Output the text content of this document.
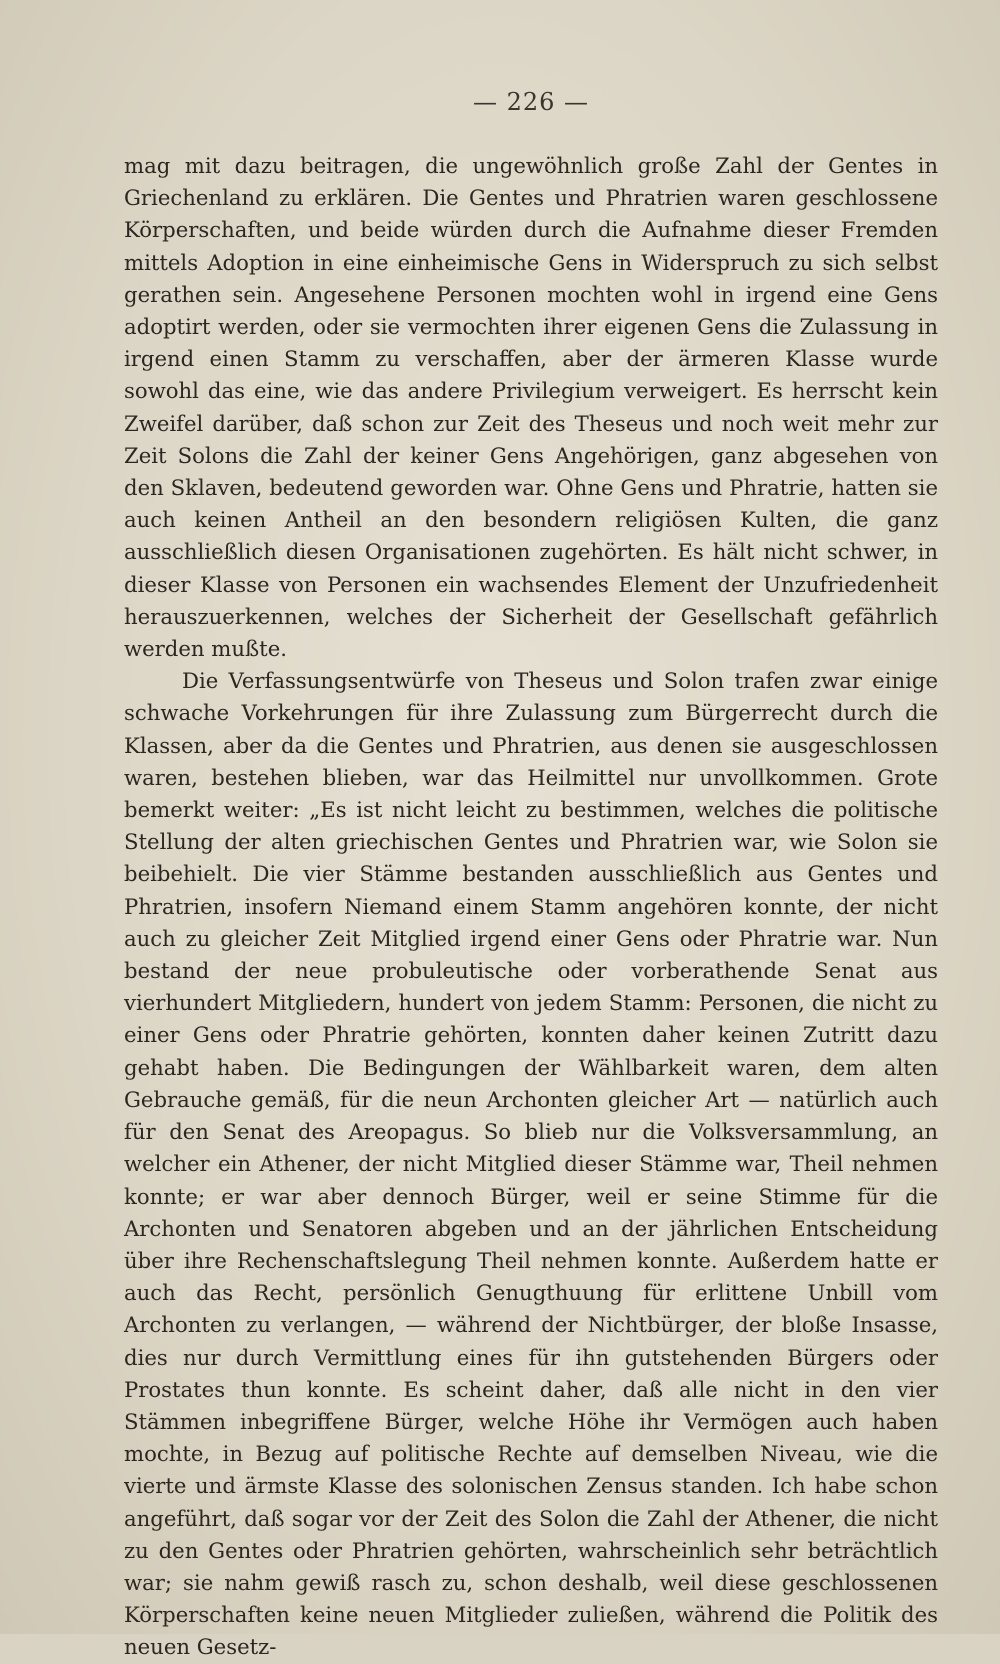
— 226 —

mag mit dazu beitragen, die ungewöhnlich große Zahl der Gentes in Griechenland zu erklären. Die Gentes und Phratrien waren geschlossene Körperschaften, und beide würden durch die Aufnahme dieser Fremden mittels Adoption in eine einheimische Gens in Widerspruch zu sich selbst gerathen sein. Angesehene Personen mochten wohl in irgend eine Gens adoptirt werden, oder sie vermochten ihrer eigenen Gens die Zulassung in irgend einen Stamm zu verschaffen, aber der ärmeren Klasse wurde sowohl das eine, wie das andere Privilegium verweigert. Es herrscht kein Zweifel darüber, daß schon zur Zeit des Theseus und noch weit mehr zur Zeit Solons die Zahl der keiner Gens Angehörigen, ganz abgesehen von den Sklaven, bedeutend geworden war. Ohne Gens und Phratrie, hatten sie auch keinen Antheil an den besondern religiösen Kulten, die ganz ausschließlich diesen Organisationen zugehörten. Es hält nicht schwer, in dieser Klasse von Personen ein wachsendes Element der Unzufriedenheit herauszuerkennen, welches der Sicherheit der Gesellschaft gefährlich werden mußte.

Die Verfassungsentwürfe von Theseus und Solon trafen zwar einige schwache Vorkehrungen für ihre Zulassung zum Bürgerrecht durch die Klassen, aber da die Gentes und Phratrien, aus denen sie ausgeschlossen waren, bestehen blieben, war das Heilmittel nur unvollkommen. Grote bemerkt weiter: „Es ist nicht leicht zu bestimmen, welches die politische Stellung der alten griechischen Gentes und Phratrien war, wie Solon sie beibehielt. Die vier Stämme bestanden ausschließlich aus Gentes und Phratrien, insofern Niemand einem Stamm angehören konnte, der nicht auch zu gleicher Zeit Mitglied irgend einer Gens oder Phratrie war. Nun bestand der neue probuleutische oder vorberathende Senat aus vierhundert Mitgliedern, hundert von jedem Stamm: Personen, die nicht zu einer Gens oder Phratrie gehörten, konnten daher keinen Zutritt dazu gehabt haben. Die Bedingungen der Wählbarkeit waren, dem alten Gebrauche gemäß, für die neun Archonten gleicher Art — natürlich auch für den Senat des Areopagus. So blieb nur die Volksversammlung, an welcher ein Athener, der nicht Mitglied dieser Stämme war, Theil nehmen konnte; er war aber dennoch Bürger, weil er seine Stimme für die Archonten und Senatoren abgeben und an der jährlichen Entscheidung über ihre Rechenschaftslegung Theil nehmen konnte. Außerdem hatte er auch das Recht, persönlich Genugthuung für erlittene Unbill vom Archonten zu verlangen, — während der Nichtbürger, der bloße Insasse, dies nur durch Vermittlung eines für ihn gutstehenden Bürgers oder Prostates thun konnte. Es scheint daher, daß alle nicht in den vier Stämmen inbegriffene Bürger, welche Höhe ihr Vermögen auch haben mochte, in Bezug auf politische Rechte auf demselben Niveau, wie die vierte und ärmste Klasse des solonischen Zensus standen. Ich habe schon angeführt, daß sogar vor der Zeit des Solon die Zahl der Athener, die nicht zu den Gentes oder Phratrien gehörten, wahrscheinlich sehr beträchtlich war; sie nahm gewiß rasch zu, schon deshalb, weil diese geschlossenen Körperschaften keine neuen Mitglieder zuließen, während die Politik des neuen Gesetz-
